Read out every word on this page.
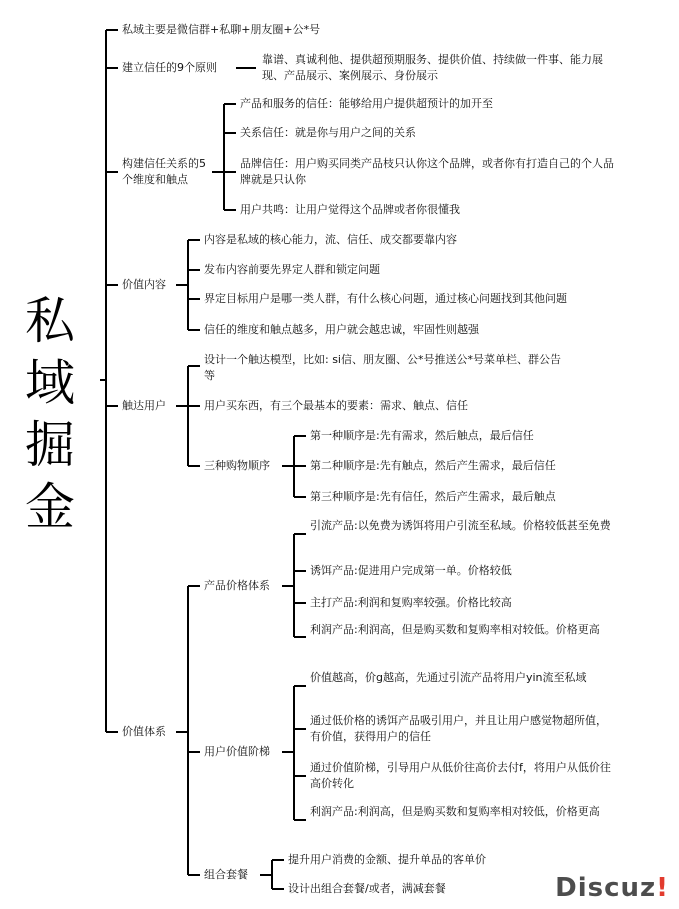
私域掘金
私域主要是微信群+私聊+朋友圈+公*号
建立信任的9个原则
靠谱、真诚利他、提供超预期服务、提供价值、持续做一件事、能力展现、产品展示、案例展示、身份展示
构建信任关系的5个维度和触点
产品和服务的信任：能够给用户提供超预计的加开至
关系信任：就是你与用户之间的关系
品牌信任：用户购买同类产品枝只认你这个品牌，或者你有打造自己的个人品牌就是只认你
用户共鸣：让用户觉得这个品牌或者你很懂我
价值内容
内容是私域的核心能力，流、信任、成交都要靠内容
发布内容前要先界定人群和锁定问题
界定目标用户是哪一类人群，有什么核心问题，通过核心问题找到其他问题
信任的维度和触点越多，用户就会越忠诚，牢固性则越强
触达用户
设计一个触达模型，比如: si信、朋友圈、公*号推送公*号菜单栏、群公告等
用户买东西，有三个最基本的要素：需求、触点、信任
三种购物顺序
第一种顺序是:先有需求，然后触点，最后信任
第二种顺序是:先有触点，然后产生需求，最后信任
第三种顺序是:先有信任，然后产生需求，最后触点
价值体系
产品价格体系
引流产品:以免费为诱饵将用户引流至私域。价格较低甚至免费
诱饵产品:促进用户完成第一单。价格较低
主打产品:利润和复购率较强。价格比较高
利润产品:利润高，但是购买数和复购率相对较低。价格更高
用户价值阶梯
价值越高，价g越高，先通过引流产品将用户yin流至私域
通过低价格的诱饵产品吸引用户，并且让用户感觉物超所值，有价值，获得用户的信任
通过价值阶梯，引导用户从低价往高价去付f，将用户从低价往高价转化
利润产品:利润高，但是购买数和复购率相对较低，价格更高
组合套餐
提升用户消费的金额、提升单品的客单价
设计出组合套餐/或者，满减套餐	Discuz!
